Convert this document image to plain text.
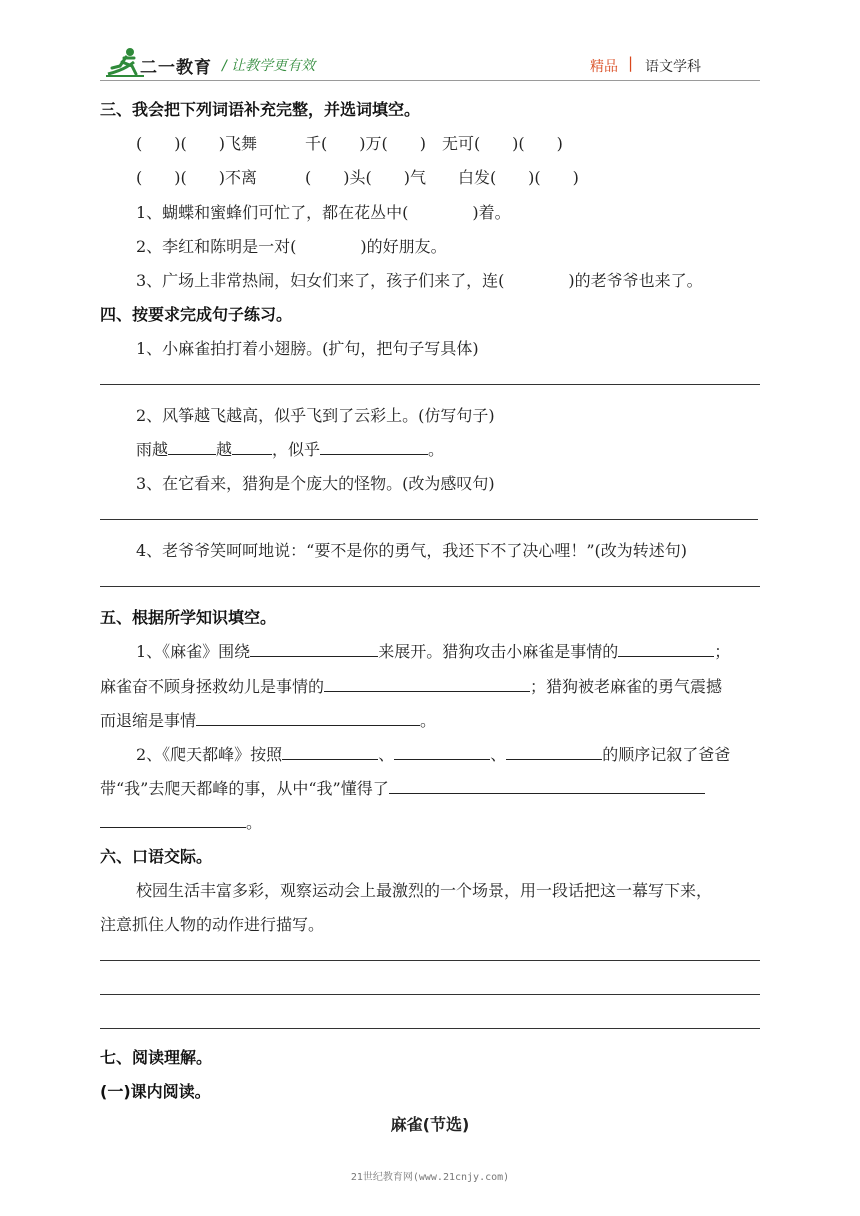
二一教育 / 让教学更有效	精品 | 语文学科
三、我会把下列词语补充完整，并选词填空。
(　　)(　　)飞舞　　　千(　　)万(　　)　无可(　　)(　　)
(　　)(　　)不离　　　(　　)头(　　)气　　白发(　　)(　　)
1、蝴蝶和蜜蜂们可忙了，都在花丛中(　　　　)着。
2、李红和陈明是一对(　　　　)的好朋友。
3、广场上非常热闹，妇女们来了，孩子们来了，连(　　　　)的老爷爷也来了。
四、按要求完成句子练习。
1、小麻雀拍打着小翅膀。(扩句，把句子写具体)
2、风筝越飞越高，似乎飞到了云彩上。(仿写句子)
雨越	越	，似乎	。
3、在它看来，猎狗是个庞大的怪物。(改为感叹句)
4、老爷爷笑呵呵地说：“要不是你的勇气，我还下不了决心哩！”(改为转述句)
五、根据所学知识填空。
1、《麻雀》围绕	来展开。猎狗攻击小麻雀是事情的	；
麻雀奋不顾身拯救幼儿是事情的	；猎狗被老麻雀的勇气震撼
而退缩是事情	。
2、《爬天都峰》按照	、	、	的顺序记叙了爸爸
带“我”去爬天都峰的事，从中“我”懂得了
。
六、口语交际。
校园生活丰富多彩，观察运动会上最激烈的一个场景，用一段话把这一幕写下来，
注意抓住人物的动作进行描写。
七、阅读理解。
(一)课内阅读。
麻雀(节选)
21世纪教育网(www.21cnjy.com)
